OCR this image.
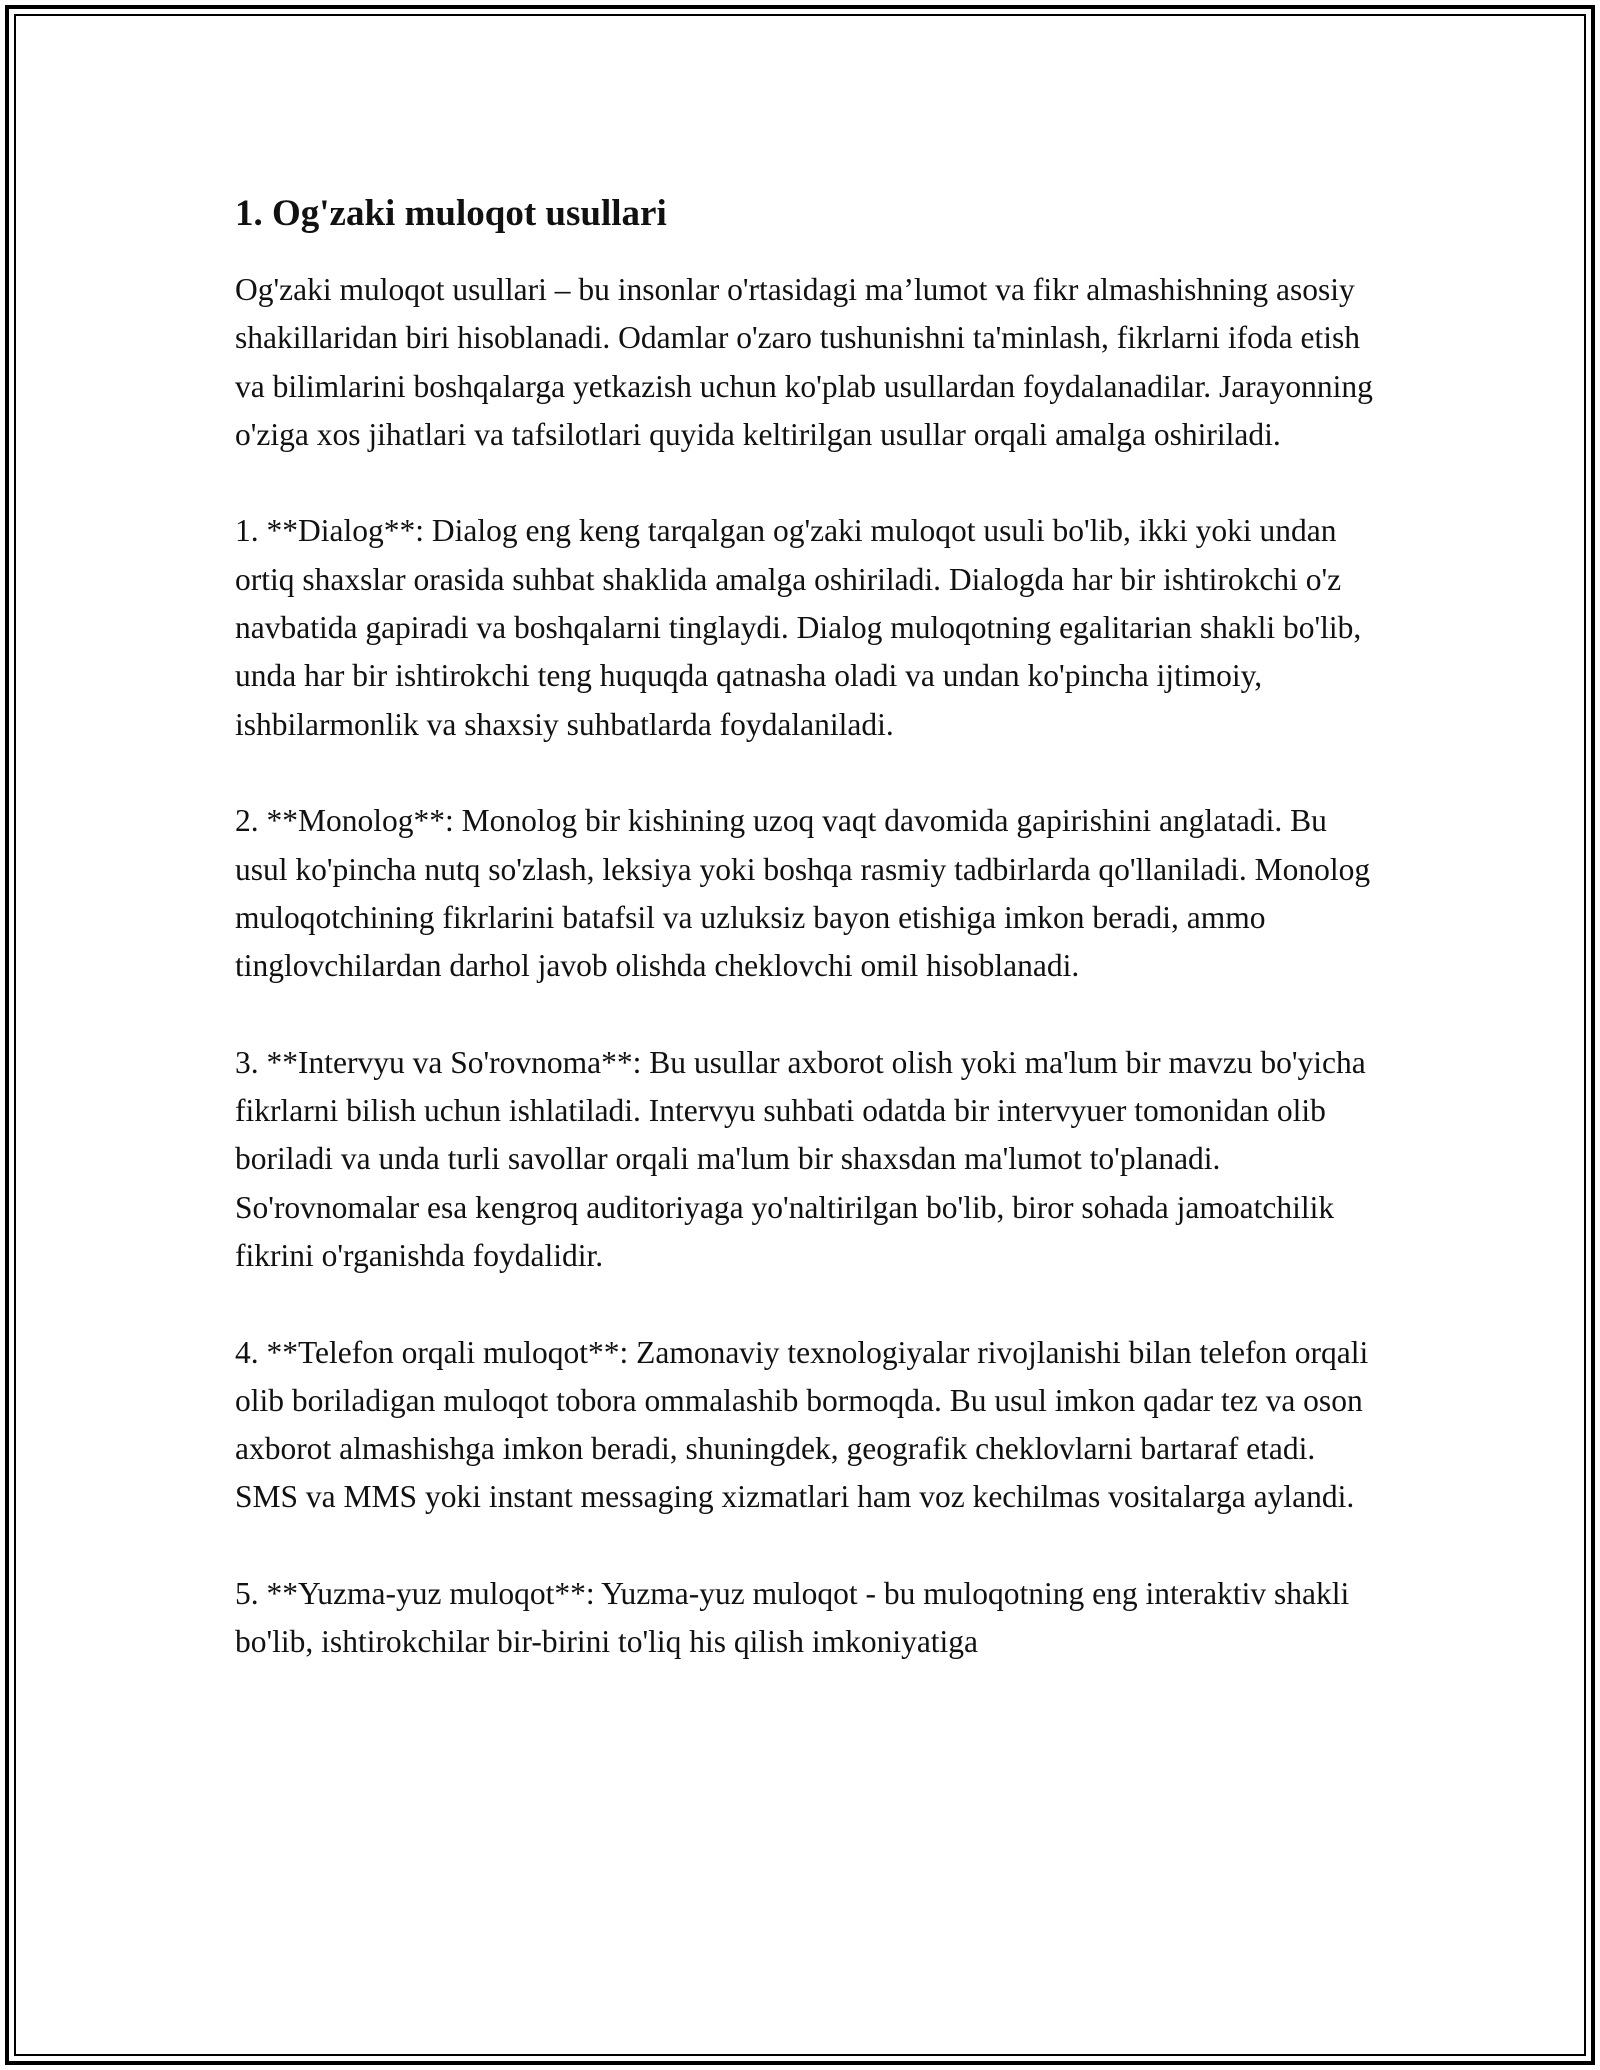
1. Og'zaki muloqot usullari

Og'zaki muloqot usullari – bu insonlar o'rtasidagi ma’lumot va fikr almashishning asosiy shakillaridan biri hisoblanadi. Odamlar o'zaro tushunishni ta'minlash, fikrlarni ifoda etish va bilimlarini boshqalarga yetkazish uchun ko'plab usullardan foydalanadilar. Jarayonning o'ziga xos jihatlari va tafsilotlari quyida keltirilgan usullar orqali amalga oshiriladi.

1. **Dialog**: Dialog eng keng tarqalgan og'zaki muloqot usuli bo'lib, ikki yoki undan ortiq shaxslar orasida suhbat shaklida amalga oshiriladi. Dialogda har bir ishtirokchi o'z navbatida gapiradi va boshqalarni tinglaydi. Dialog muloqotning egalitarian shakli bo'lib, unda har bir ishtirokchi teng huquqda qatnasha oladi va undan ko'pincha ijtimoiy, ishbilarmonlik va shaxsiy suhbatlarda foydalaniladi.

2. **Monolog**: Monolog bir kishining uzoq vaqt davomida gapirishini anglatadi. Bu usul ko'pincha nutq so'zlash, leksiya yoki boshqa rasmiy tadbirlarda qo'llaniladi. Monolog muloqotchining fikrlarini batafsil va uzluksiz bayon etishiga imkon beradi, ammo tinglovchilardan darhol javob olishda cheklovchi omil hisoblanadi.

3. **Intervyu va So'rovnoma**: Bu usullar axborot olish yoki ma'lum bir mavzu bo'yicha fikrlarni bilish uchun ishlatiladi. Intervyu suhbati odatda bir intervyuer tomonidan olib boriladi va unda turli savollar orqali ma'lum bir shaxsdan ma'lumot to'planadi. So'rovnomalar esa kengroq auditoriyaga yo'naltirilgan bo'lib, biror sohada jamoatchilik fikrini o'rganishda foydalidir.

4. **Telefon orqali muloqot**: Zamonaviy texnologiyalar rivojlanishi bilan telefon orqali olib boriladigan muloqot tobora ommalashib bormoqda. Bu usul imkon qadar tez va oson axborot almashishga imkon beradi, shuningdek, geografik cheklovlarni bartaraf etadi. SMS va MMS yoki instant messaging xizmatlari ham voz kechilmas vositalarga aylandi.

5. **Yuzma-yuz muloqot**: Yuzma-yuz muloqot - bu muloqotning eng interaktiv shakli bo'lib, ishtirokchilar bir-birini to'liq his qilish imkoniyatiga
